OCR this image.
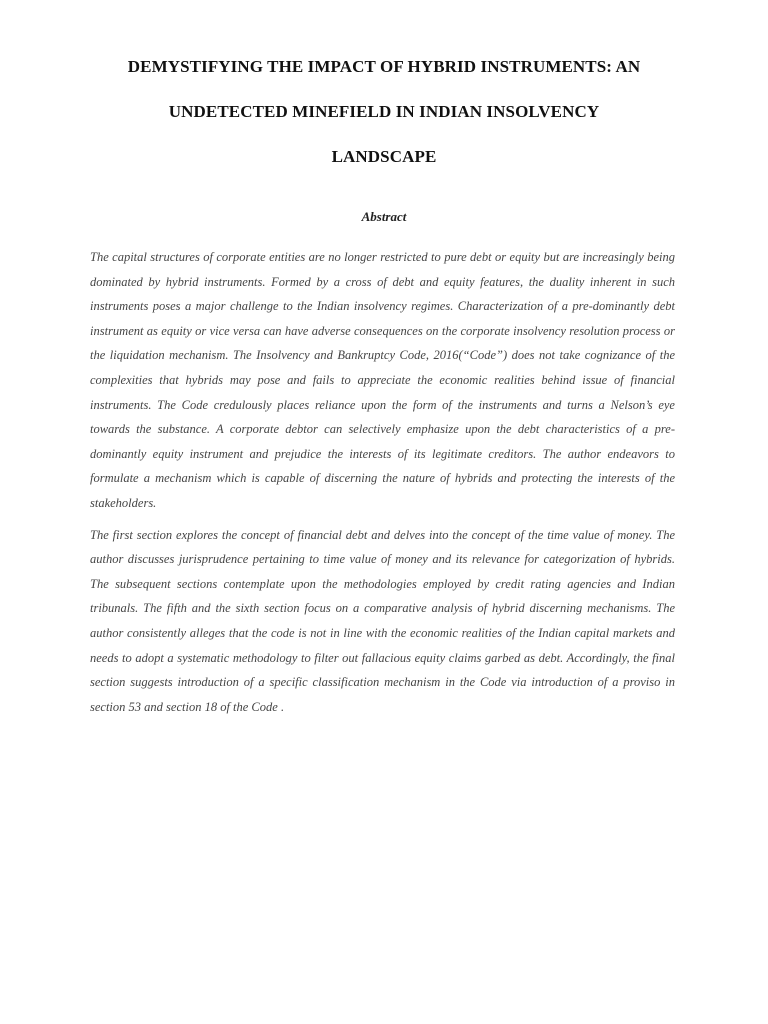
DEMYSTIFYING THE IMPACT OF HYBRID INSTRUMENTS: AN
UNDETECTED MINEFIELD IN INDIAN INSOLVENCY
LANDSCAPE
Abstract

The capital structures of corporate entities are no longer restricted to pure debt or equity but are increasingly being dominated by hybrid instruments. Formed by a cross of debt and equity features, the duality inherent in such instruments poses a major challenge to the Indian insolvency regimes. Characterization of a pre-dominantly debt instrument as equity or vice versa can have adverse consequences on the corporate insolvency resolution process or the liquidation mechanism. The Insolvency and Bankruptcy Code, 2016(“Code”) does not take cognizance of the complexities that hybrids may pose and fails to appreciate the economic realities behind issue of financial instruments. The Code credulously places reliance upon the form of the instruments and turns a Nelson’s eye towards the substance. A corporate debtor can selectively emphasize upon the debt characteristics of a pre-dominantly equity instrument and prejudice the interests of its legitimate creditors. The author endeavors to formulate a mechanism which is capable of discerning the nature of hybrids and protecting the interests of the stakeholders.

The first section explores the concept of financial debt and delves into the concept of the time value of money. The author discusses jurisprudence pertaining to time value of money and its relevance for categorization of hybrids. The subsequent sections contemplate upon the methodologies employed by credit rating agencies and Indian tribunals. The fifth and the sixth section focus on a comparative analysis of hybrid discerning mechanisms. The author consistently alleges that the code is not in line with the economic realities of the Indian capital markets and needs to adopt a systematic methodology to filter out fallacious equity claims garbed as debt. Accordingly, the final section suggests introduction of a specific classification mechanism in the Code via introduction of a proviso in section 53 and section 18 of the Code .
